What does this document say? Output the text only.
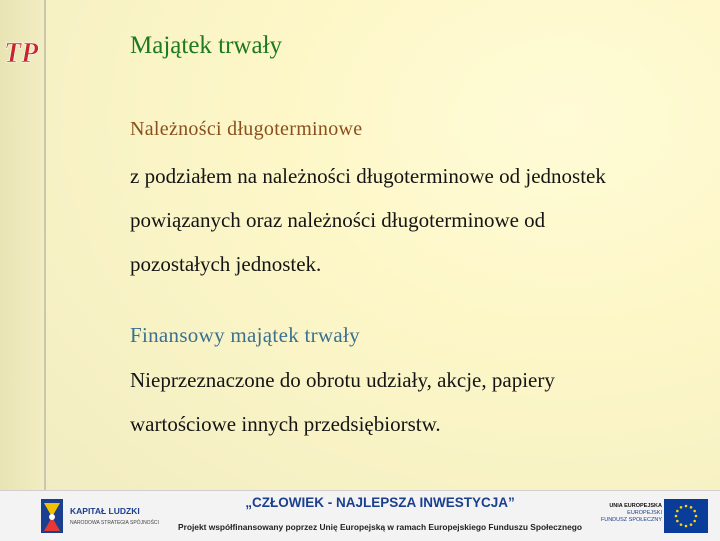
TP	Majątek trwały
Należności długoterminowe
z podziałem na należności długoterminowe od jednostek
powiązanych oraz należności długoterminowe od
pozostałych jednostek.
Finansowy majątek trwały
Nieprzeznaczone do obrotu udziały, akcje, papiery
wartościowe innych przedsiębiorstw.
KAPITAŁ LUDZKI
NARODOWA STRATEGIA SPÓJNOŚCI
„CZŁOWIEK - NAJLEPSZA INWESTYCJA”
Projekt współfinansowany poprzez Unię Europejską w ramach Europejskiego Funduszu Społecznego
UNIA EUROPEJSKA
EUROPEJSKI
FUNDUSZ SPOŁECZNY
